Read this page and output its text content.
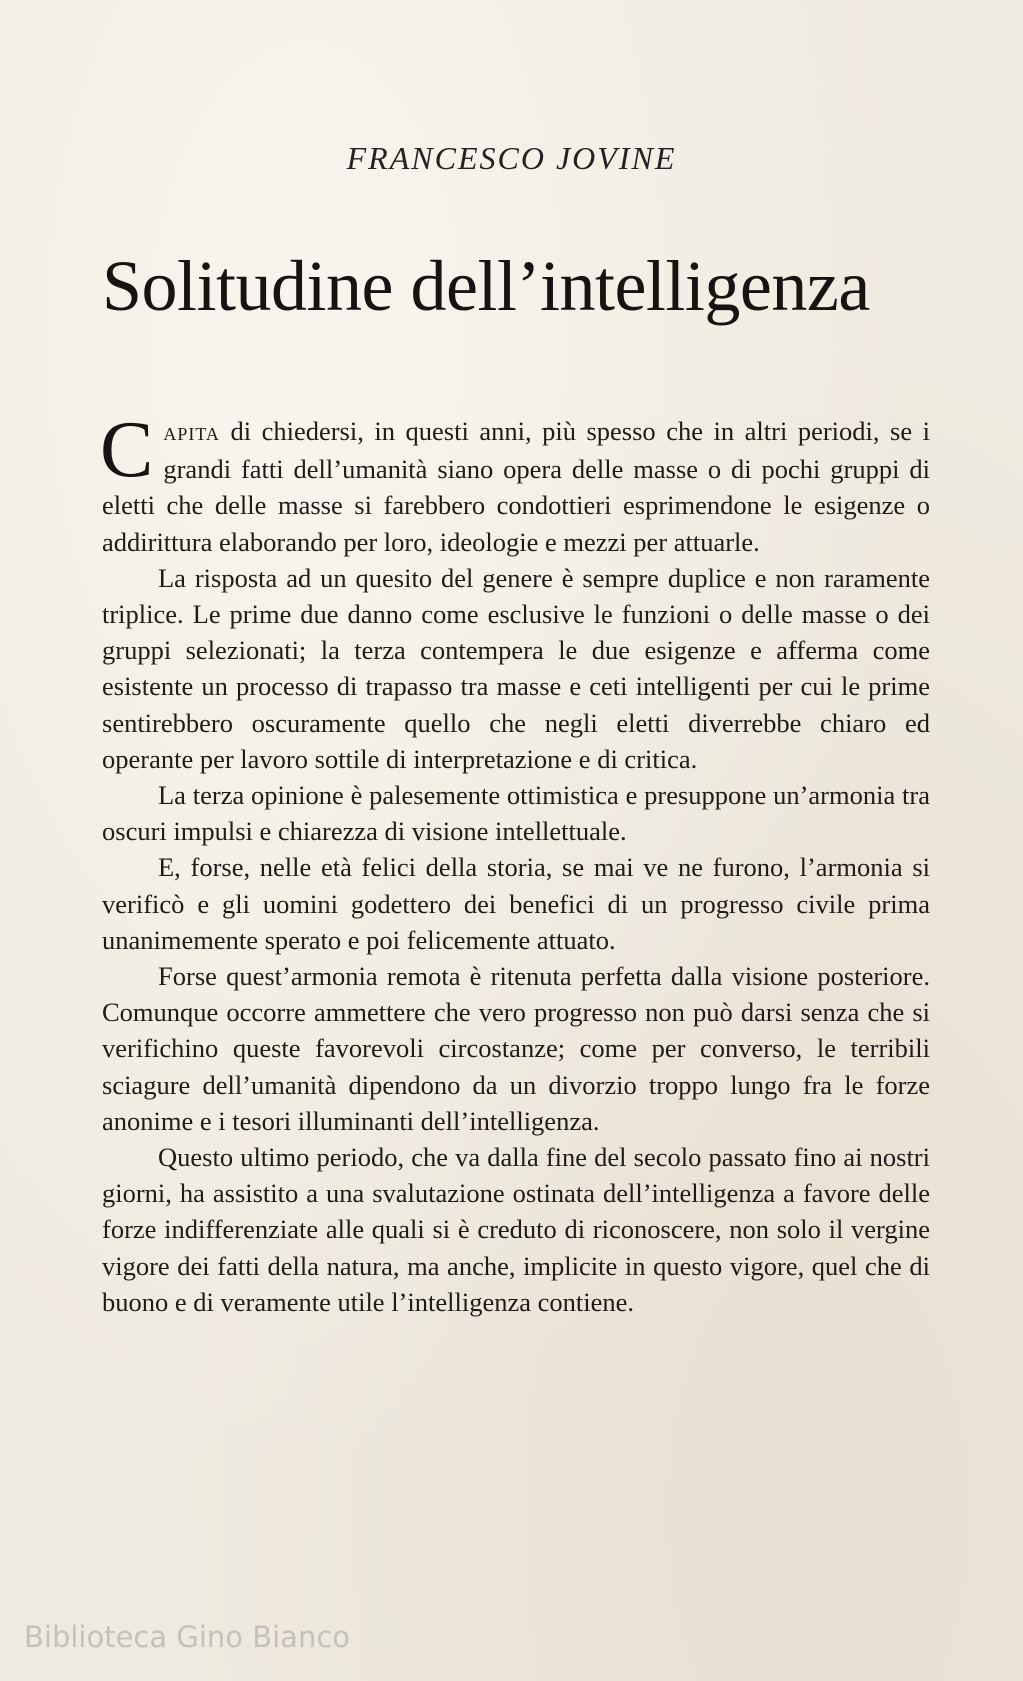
FRANCESCO JOVINE
Solitudine dell’intelligenza

Capita di chiedersi, in questi anni, più spesso che in altri periodi, se i grandi fatti dell’umanità siano opera delle masse o di pochi gruppi di eletti che delle masse si farebbero condottieri esprimendone le esigenze o addirittura elaborando per loro, ideologie e mezzi per attuarle.

La risposta ad un quesito del genere è sempre duplice e non raramente triplice. Le prime due danno come esclusive le funzioni o delle masse o dei gruppi selezionati; la terza contempera le due esigenze e afferma come esistente un processo di trapasso tra masse e ceti intelligenti per cui le prime sentirebbero oscuramente quello che negli eletti diverrebbe chiaro ed operante per lavoro sottile di interpretazione e di critica.

La terza opinione è palesemente ottimistica e presuppone un’armonia tra oscuri impulsi e chiarezza di visione intellettuale.

E, forse, nelle età felici della storia, se mai ve ne furono, l’armonia si verificò e gli uomini godettero dei benefici di un progresso civile prima unanimemente sperato e poi felicemente attuato.

Forse quest’armonia remota è ritenuta perfetta dalla visione posteriore. Comunque occorre ammettere che vero progresso non può darsi senza che si verifichino queste favorevoli circostanze; come per converso, le terribili sciagure dell’umanità dipendono da un divorzio troppo lungo fra le forze anonime e i tesori illuminanti dell’intelligenza.

Questo ultimo periodo, che va dalla fine del secolo passato fino ai nostri giorni, ha assistito a una svalutazione ostinata dell’intelligenza a favore delle forze indifferenziate alle quali si è creduto di riconoscere, non solo il vergine vigore dei fatti della natura, ma anche, implicite in questo vigore, quel che di buono e di veramente utile l’intelligenza contiene.

Biblioteca Gino Bianco
